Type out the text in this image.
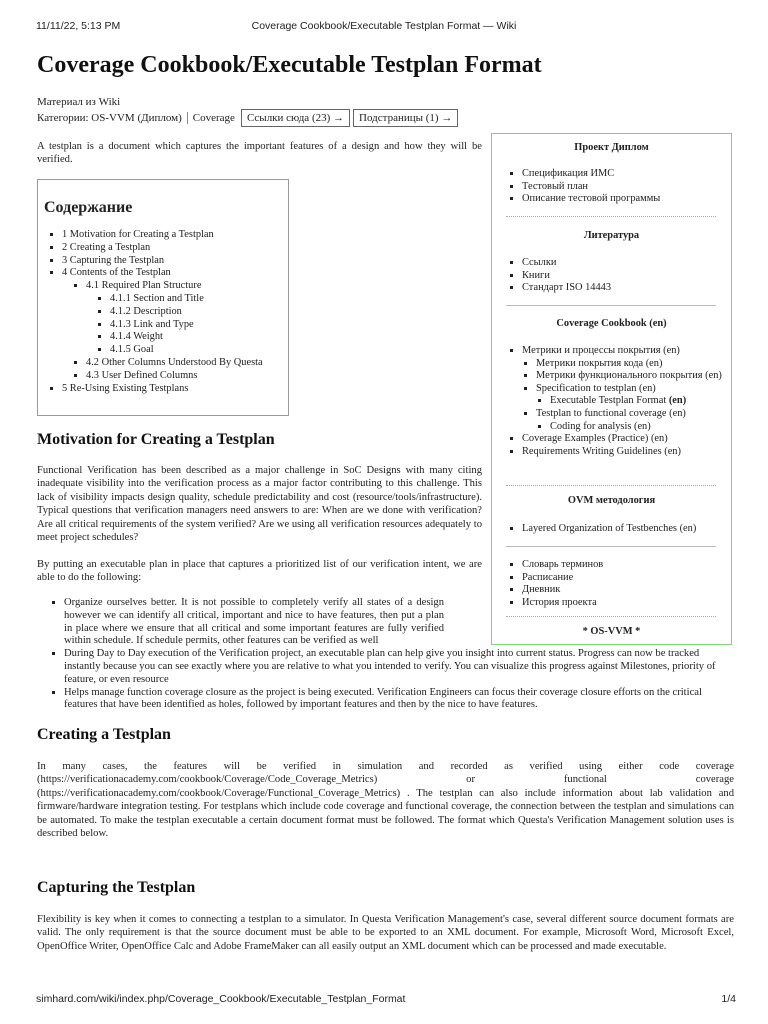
11/11/22, 5:13 PM	Coverage Cookbook/Executable Testplan Format — Wiki
Coverage Cookbook/Executable Testplan Format
Материал из Wiki
Категории:
OS-VVM (Диплом) Coverage	Ссылки сюда (23) →	Подстраницы (1) →

A testplan is a document which captures the important features of a design and how they will be verified.

Содержание
▪ 1 Motivation for Creating a Testplan
▪ 2 Creating a Testplan
▪ 3 Capturing the Testplan
▪ 4 Contents of the Testplan
▪ 4.1 Required Plan Structure
▪ 4.1.1 Section and Title
▪ 4.1.2 Description
▪ 4.1.3 Link and Type
▪ 4.1.4 Weight
▪ 4.1.5 Goal
▪ 4.2 Other Columns Understood By Questa
▪ 4.3 User Defined Columns
▪ 5 Re-Using Existing Testplans
Motivation for Creating a Testplan

Functional Verification has been described as a major challenge in SoC Designs with many citing inadequate visibility into the verification process as a major factor contributing to this challenge. This lack of visibility impacts design quality, schedule predictability and cost (resource/tools/infrastructure). Typical questions that verification managers need answers to are: When are we done with verification? Are all critical requirements of the system verified? Are we using all verification resources adequately to meet project schedules?

By putting an executable plan in place that captures a prioritized list of our verification intent, we are able to do the following:

▪ Organize ourselves better. It is not possible to completely verify all states of a design however we can identify all critical, important and nice to have features, then put a plan in place where we ensure that all critical and some important features are fully verified within schedule. If schedule permits, other features can be verified as well
▪ During Day to Day execution of the Verification project, an executable plan can help give you insight into current status. Progress can now be tracked instantly because you can see exactly where you are relative to what you intended to verify. You can visualize this progress against Milestones, priority of feature, or even resource
▪ Helps manage function coverage closure as the project is being executed. Verification Engineers can focus their coverage closure efforts on the critical features that have been identified as holes, followed by important features and then by the nice to have features.
Creating a Testplan

In many cases, the features will be verified in simulation and recorded as verified using either code coverage (https://verificationacademy.com/cookbook/Coverage/Code_Coverage_Metrics) or functional coverage (https://verificationacademy.com/cookbook/Coverage/Functional_Coverage_Metrics) . The testplan can also include information about lab validation and firmware/hardware integration testing. For testplans which include code coverage and functional coverage, the connection between the testplan and simulations can be automated. To make the testplan executable a certain document format must be followed. The format which Questa's Verification Management solution uses is described below.

Capturing the Testplan

Flexibility is key when it comes to connecting a testplan to a simulator. In Questa Verification Management's case, several different source document formats are valid. The only requirement is that the source document must be able to be exported to an XML document. For example, Microsoft Word, Microsoft Excel, OpenOffice Writer, OpenOffice Calc and Adobe FrameMaker can all easily output an XML document which can be processed and made executable.

Проект Диплом
▪ Спецификация ИМС
▪ Тестовый план
▪ Описание тестовой программы
Литература
▪ Ссылки
▪ Книги
▪ Стандарт ISO 14443
Coverage Cookbook (en)
▪ Метрики и процессы покрытия (en)
▪ Метрики покрытия кода (en)
▪ Метрики функционального покрытия (en)
▪ Specification to testplan (en)
▪ Executable Testplan Format (en)
▪ Testplan to functional coverage (en)
▪ Coding for analysis (en)
▪ Coverage Examples (Practice) (en)
▪ Requirements Writing Guidelines (en)
OVM методология
▪ Layered Organization of Testbenches (en)
▪ Словарь терминов
▪ Расписание
▪ Дневник
▪ История проекта
* OS-VVM *
simhard.com/wiki/index.php/Coverage_Cookbook/Executable_Testplan_Format	1/4
